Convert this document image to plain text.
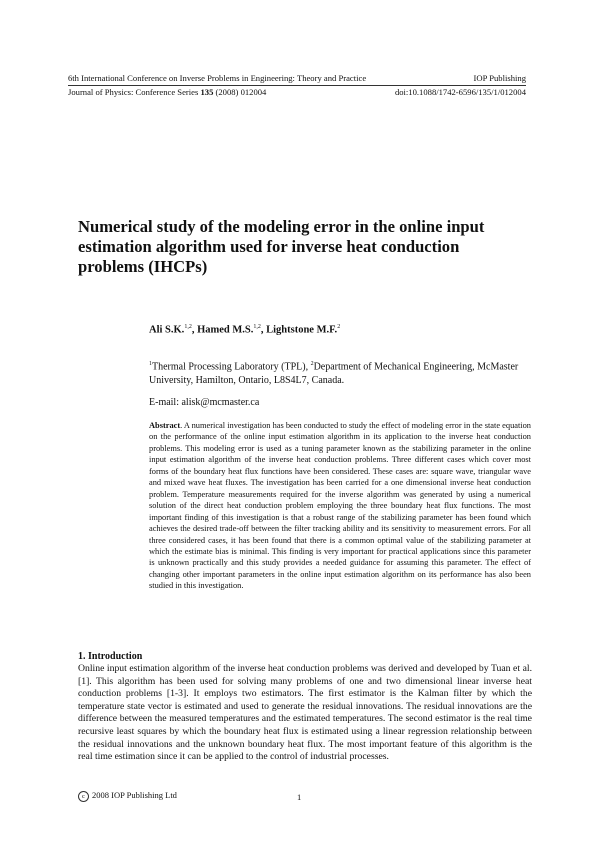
6th International Conference on Inverse Problems in Engineering: Theory and Practice	IOP Publishing
Journal of Physics: Conference Series 135 (2008) 012004	doi:10.1088/1742-6596/135/1/012004
Numerical study of the modeling error in the online input estimation algorithm used for inverse heat conduction problems (IHCPs)
Ali S.K.$^{1,2}$, Hamed M.S.$^{1,2}$, Lightstone M.F.$^2$
$^1$Thermal Processing Laboratory (TPL), $^2$Department of Mechanical Engineering, McMaster University, Hamilton, Ontario, L8S4L7, Canada.
E-mail: alisk@mcmaster.ca
Abstract. A numerical investigation has been conducted to study the effect of modeling error in the state equation on the performance of the online input estimation algorithm in its application to the inverse heat conduction problems. This modeling error is used as a tuning parameter known as the stabilizing parameter in the online input estimation algorithm of the inverse heat conduction problems. Three different cases which cover most forms of the boundary heat flux functions have been considered. These cases are: square wave, triangular wave and mixed wave heat fluxes. The investigation has been carried for a one dimensional inverse heat conduction problem. Temperature measurements required for the inverse algorithm was generated by using a numerical solution of the direct heat conduction problem employing the three boundary heat flux functions. The most important finding of this investigation is that a robust range of the stabilizing parameter has been found which achieves the desired trade-off between the filter tracking ability and its sensitivity to measurement errors. For all three considered cases, it has been found that there is a common optimal value of the stabilizing parameter at which the estimate bias is minimal. This finding is very important for practical applications since this parameter is unknown practically and this study provides a needed guidance for assuming this parameter. The effect of changing other important parameters in the online input estimation algorithm on its performance has also been studied in this investigation.
1. Introduction
Online input estimation algorithm of the inverse heat conduction problems was derived and developed by Tuan et al. [1]. This algorithm has been used for solving many problems of one and two dimensional linear inverse heat conduction problems [1-3]. It employs two estimators. The first estimator is the Kalman filter by which the temperature state vector is estimated and used to generate the residual innovations. The residual innovations are the difference between the measured temperatures and the estimated temperatures. The second estimator is the real time recursive least squares by which the boundary heat flux is estimated using a linear regression relationship between the residual innovations and the unknown boundary heat flux. The most important feature of this algorithm is the real time estimation since it can be applied to the control of industrial processes.
c 2008 IOP Publishing Ltd	1
